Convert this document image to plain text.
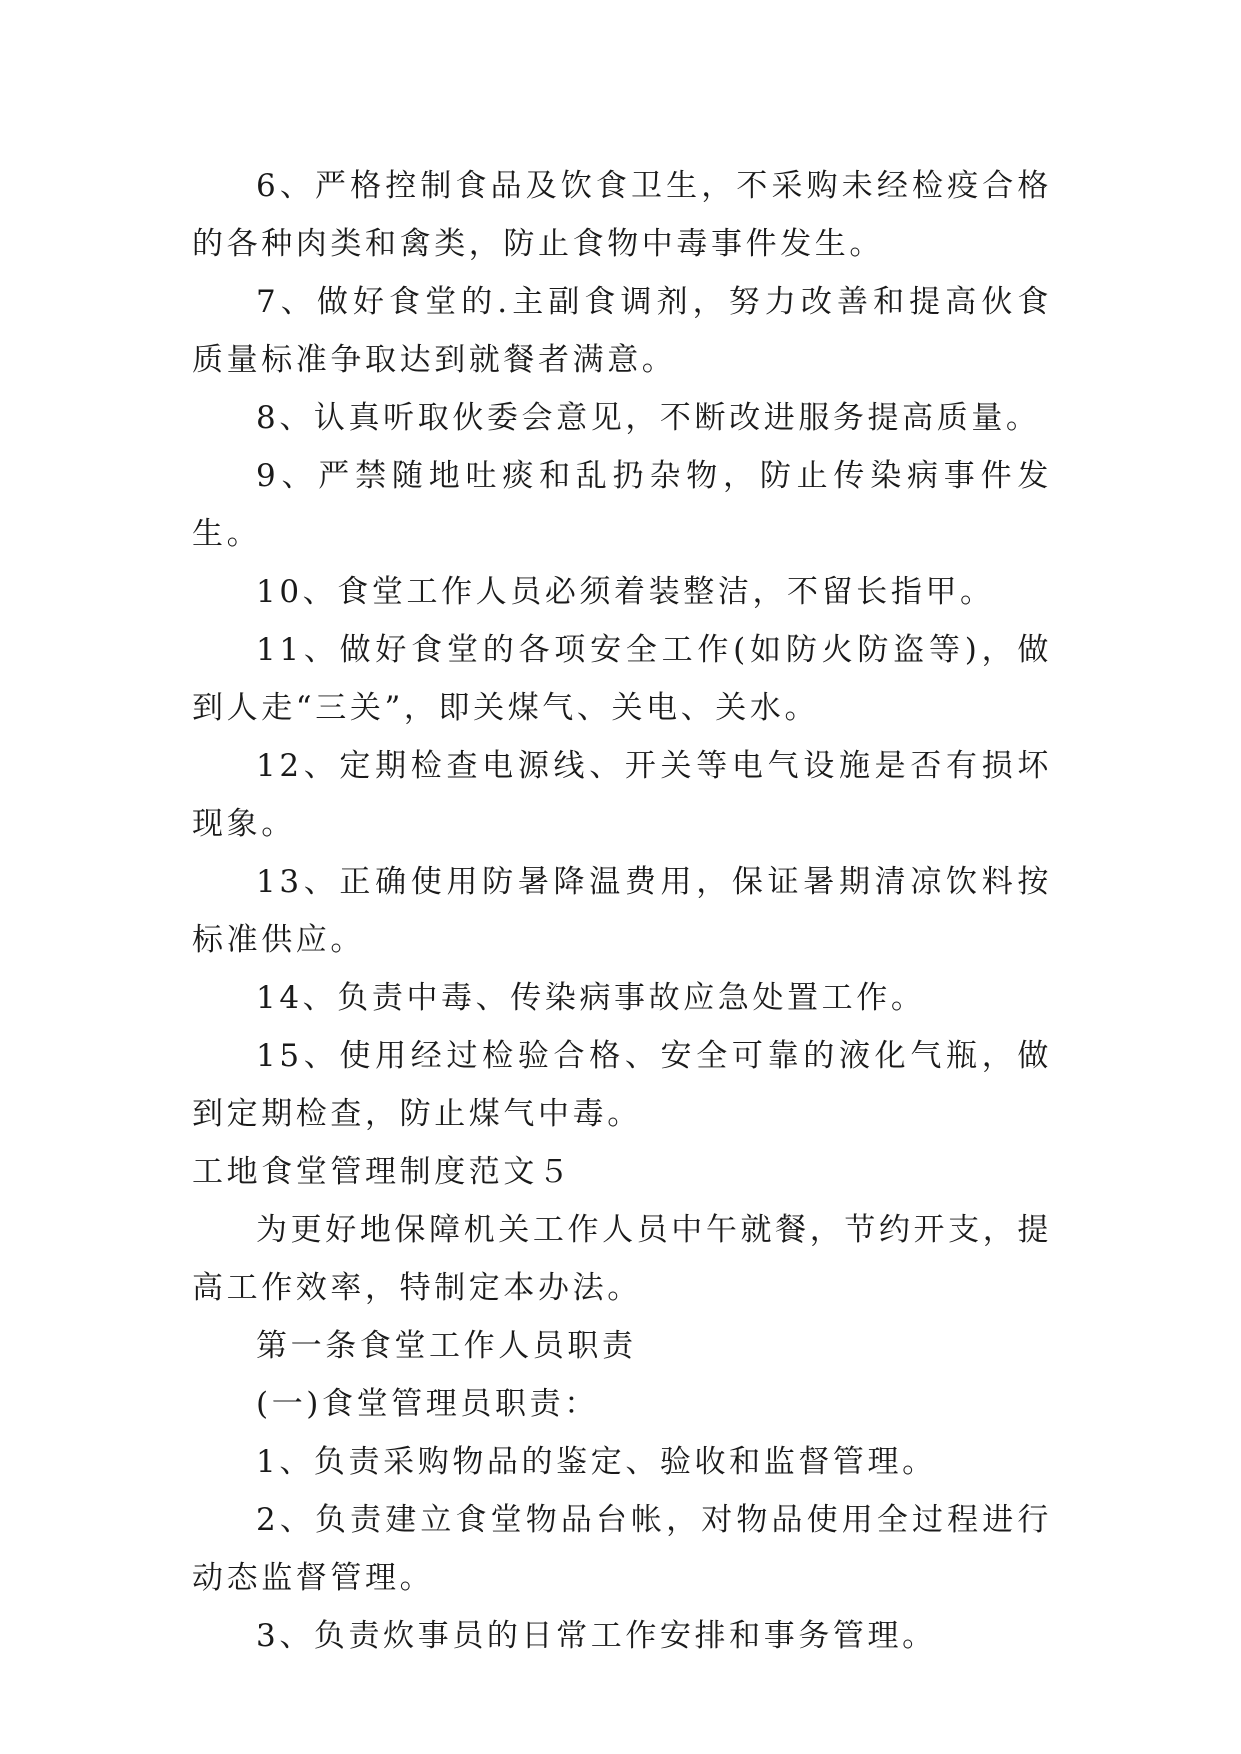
6、严格控制食品及饮食卫生，不采购未经检疫合格的各种肉类和禽类，防止食物中毒事件发生。

7、做好食堂的.主副食调剂，努力改善和提高伙食质量标准争取达到就餐者满意。

8、认真听取伙委会意见，不断改进服务提高质量。

9、严禁随地吐痰和乱扔杂物，防止传染病事件发生。

10、食堂工作人员必须着装整洁，不留长指甲。

11、做好食堂的各项安全工作(如防火防盗等)，做到人走“三关”，即关煤气、关电、关水。

12、定期检查电源线、开关等电气设施是否有损坏现象。

13、正确使用防暑降温费用，保证暑期清凉饮料按标准供应。

14、负责中毒、传染病事故应急处置工作。

15、使用经过检验合格、安全可靠的液化气瓶，做到定期检查，防止煤气中毒。

工地食堂管理制度范文５

为更好地保障机关工作人员中午就餐，节约开支，提高工作效率，特制定本办法。

第一条食堂工作人员职责

(一)食堂管理员职责：

1、负责采购物品的鉴定、验收和监督管理。

2、负责建立食堂物品台帐，对物品使用全过程进行动态监督管理。

3、负责炊事员的日常工作安排和事务管理。
